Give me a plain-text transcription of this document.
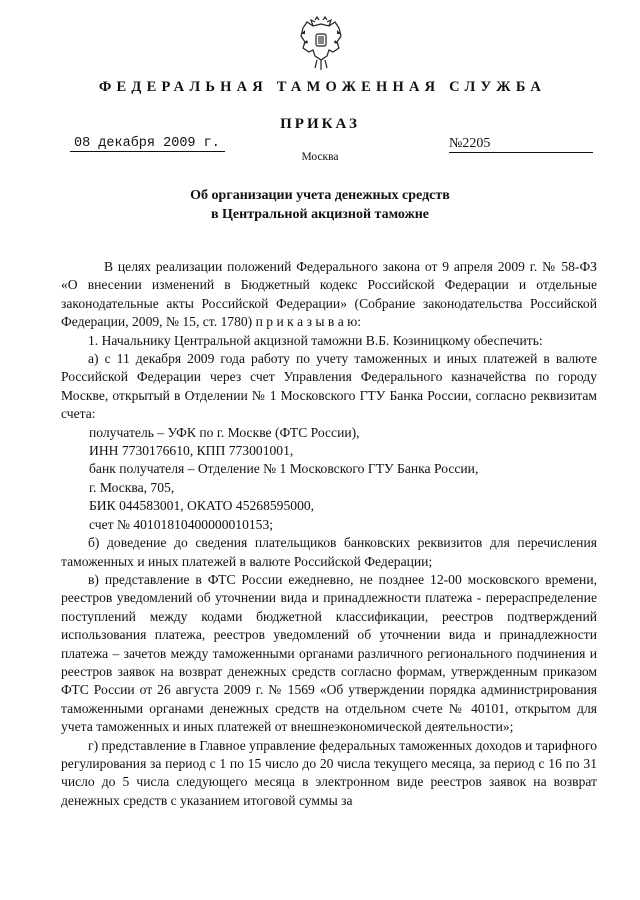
ФЕДЕРАЛЬНАЯ ТАМОЖЕННАЯ СЛУЖБА
ПРИКАЗ
08 декабря 2009 г.	№2205
Москва
Об организации учета денежных средств
в Центральной акцизной таможне

В целях реализации положений Федерального закона от 9 апреля 2009 г. № 58-ФЗ «О внесении изменений в Бюджетный кодекс Российской Федерации и отдельные законодательные акты Российской Федерации» (Собрание законодательства Российской Федерации, 2009, № 15, ст. 1780) п р и к а з ы в а ю:

1. Начальнику Центральной акцизной таможни В.Б. Козиницкому обеспечить:

а) с 11 декабря 2009 года работу по учету таможенных и иных платежей в валюте Российской Федерации через счет Управления Федерального казначейства по городу Москве, открытый в Отделении № 1 Московского ГТУ Банка России, согласно реквизитам счета:

получатель – УФК по г. Москве (ФТС России),

ИНН 7730176610, КПП 773001001,

банк получателя – Отделение № 1 Московского ГТУ Банка России,

г. Москва, 705,

БИК 044583001, ОКАТО 45268595000,

счет № 40101810400000010153;

б) доведение до сведения плательщиков банковских реквизитов для перечисления таможенных и иных платежей в валюте Российской Федерации;

в) представление в ФТС России ежедневно, не позднее 12-00 московского времени, реестров уведомлений об уточнении вида и принадлежности платежа - перераспределение поступлений между кодами бюджетной классификации, реестров подтверждений использования платежа, реестров уведомлений об уточнении вида и принадлежности платежа – зачетов между таможенными органами различного регионального подчинения и реестров заявок на возврат денежных средств согласно формам, утвержденным приказом ФТС России от 26 августа 2009 г. № 1569 «Об утверждении порядка администрирования таможенными органами денежных средств на отдельном счете № 40101, открытом для учета таможенных и иных платежей от внешнеэкономической деятельности»;

г) представление в Главное управление федеральных таможенных доходов и тарифного регулирования за период с 1 по 15 число до 20 числа текущего месяца, за период с 16 по 31 число до 5 числа следующего месяца в электронном виде реестров заявок на возврат денежных средств с указанием итоговой суммы за
